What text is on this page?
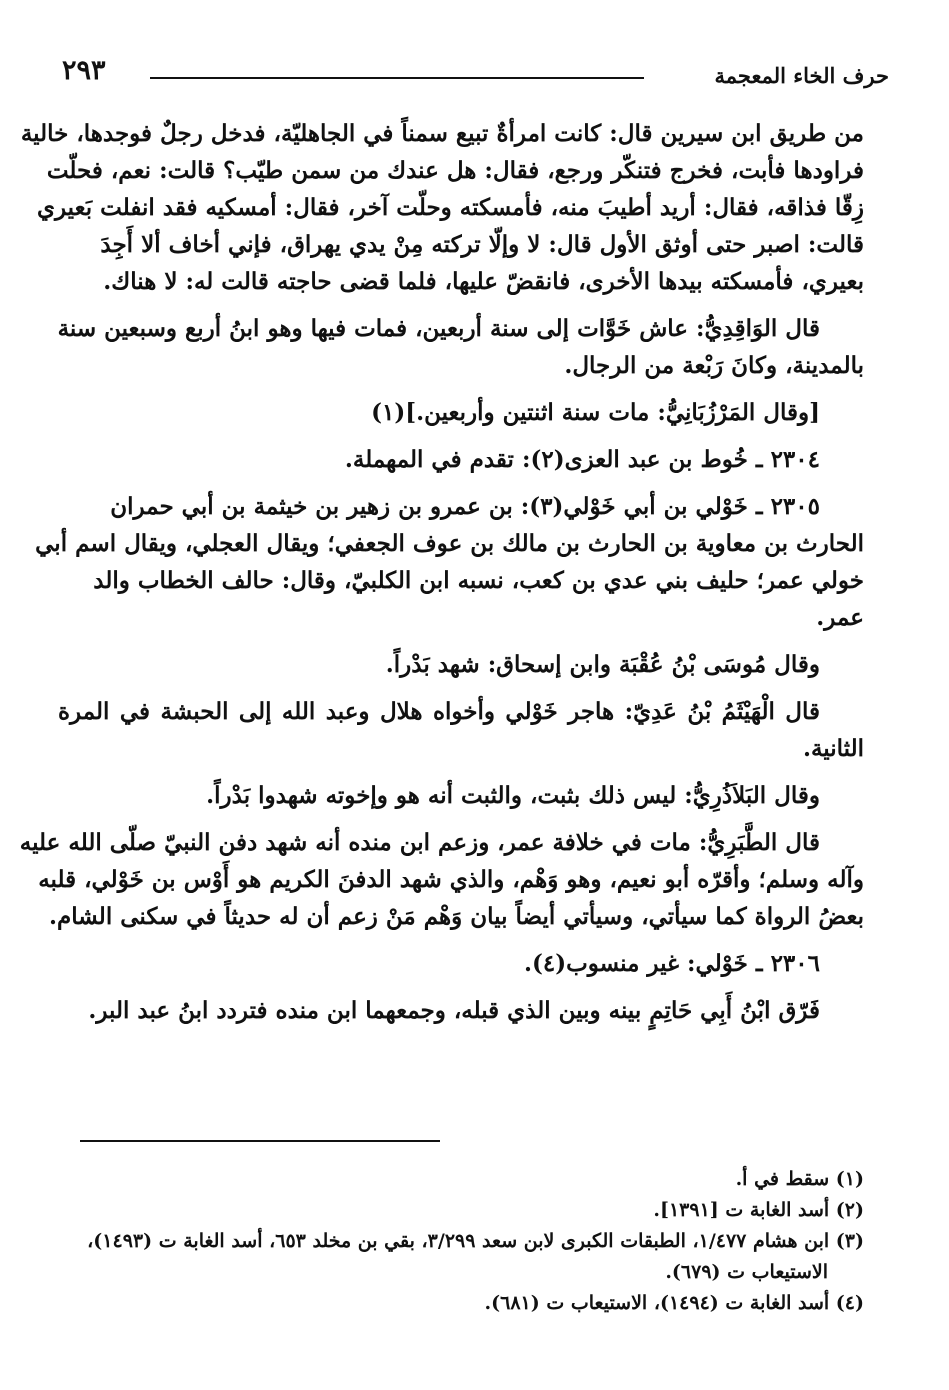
حرف الخاء المعجمة
٢٩٣

من طريق ابن سيرين قال: كانت امرأةٌ تبيع سمناً في الجاهليّة، فدخل رجلٌ فوجدها، خالية
فراودها فأبت، فخرج فتنكّر ورجع، فقال: هل عندك من سمن طيّب؟ قالت: نعم، فحلّت
زِقّا فذاقه، فقال: أريد أطيبَ منه، فأمسكته وحلّت آخر، فقال: أمسكيه فقد انفلت بَعيري
قالت: اصبر حتى أوثق الأول قال: لا وإلّا تركته مِنْ يدي يهراق، فإني أخاف ألا أَجِدَ
بعيري، فأمسكته بيدها الأخرى، فانقضّ عليها، فلما قضى حاجته قالت له: لا هناك.

قال الوَاقِدِيُّ: عاش خَوَّات إلى سنة أربعين، فمات فيها وهو ابنُ أربع وسبعين سنة
بالمدينة، وكانَ رَبْعة من الرجال.

[وقال المَرْزُبَانِيُّ: مات سنة اثنتين وأربعين.](١)

٢٣٠٤ ـ خُوط بن عبد العزى(٢): تقدم في المهملة.

٢٣٠٥ ـ خَوْلي بن أبي خَوْلي(٣): بن عمرو بن زهير بن خيثمة بن أبي حمران
الحارث بن معاوية بن الحارث بن مالك بن عوف الجعفي؛ ويقال العجلي، ويقال اسم أبي
خولي عمر؛ حليف بني عدي بن كعب، نسبه ابن الكلبيّ، وقال: حالف الخطاب والد
عمر.

وقال مُوسَى بْنُ عُقْبَة وابن إسحاق: شهد بَدْراً.

قال الْهَيْثَمُ بْنُ عَدِيّ: هاجر خَوْلي وأخواه هلال وعبد الله إلى الحبشة في المرة الثانية.

وقال البَلاَذُرِيُّ: ليس ذلك بثبت، والثبت أنه هو وإخوته شهدوا بَدْراً.

قال الطَّبَرِيُّ: مات في خلافة عمر، وزعم ابن منده أنه شهد دفن النبيّ صلّى الله عليه
وآله وسلم؛ وأقرّه أبو نعيم، وهو وَهْم، والذي شهد الدفنَ الكريم هو أَوْس بن خَوْلي، قلبه
بعضُ الرواة كما سيأتي، وسيأتي أيضاً بيان وَهْم مَنْ زعم أن له حديثاً في سكنى الشام.

٢٣٠٦ ـ خَوْلي: غير منسوب(٤).

فَرّق ابْنُ أَبِي حَاتِمٍ بينه وبين الذي قبله، وجمعهما ابن منده فتردد ابنُ عبد البر.

(١) سقط في أ.

(٢) أسد الغابة ت [١٣٩١].

(٣) ابن هشام ١/٤٧٧، الطبقات الكبرى لابن سعد ٣/٢٩٩، بقي بن مخلد ٦٥٣، أسد الغابة ت (١٤٩٣)،

الاستيعاب ت (٦٧٩).

(٤) أسد الغابة ت (١٤٩٤)، الاستيعاب ت (٦٨١).
